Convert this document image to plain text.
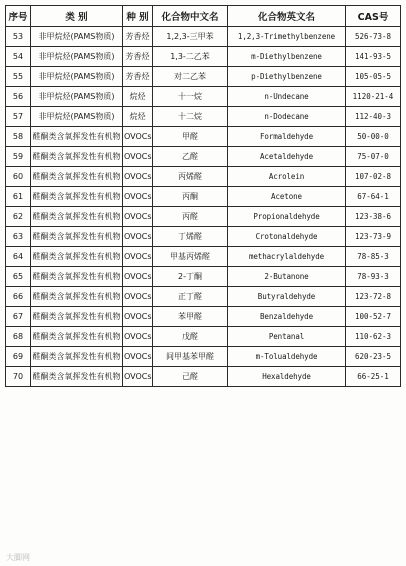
序号	类 别	种 别	化合物中文名	化合物英文名	CAS号
53	非甲烷烃(PAMS物质)	芳香烃	1,2,3-三甲苯	1,2,3-Trimethylbenzene	526-73-8
54	非甲烷烃(PAMS物质)	芳香烃	1,3-二乙苯	m-Diethylbenzene	141-93-5
55	非甲烷烃(PAMS物质)	芳香烃	对二乙苯	p-Diethylbenzene	105-05-5
56	非甲烷烃(PAMS物质)	烷烃	十一烷	n-Undecane	1120-21-4
57	非甲烷烃(PAMS物质)	烷烃	十二烷	n-Dodecane	112-40-3
58	醛酮类含氧挥发性有机物	OVOCs	甲醛	Formaldehyde	50-00-0
59	醛酮类含氧挥发性有机物	OVOCs	乙醛	Acetaldehyde	75-07-0
60	醛酮类含氧挥发性有机物	OVOCs	丙烯醛	Acrolein	107-02-8
61	醛酮类含氧挥发性有机物	OVOCs	丙酮	Acetone	67-64-1
62	醛酮类含氧挥发性有机物	OVOCs	丙醛	Propionaldehyde	123-38-6
63	醛酮类含氧挥发性有机物	OVOCs	丁烯醛	Crotonaldehyde	123-73-9
64	醛酮类含氧挥发性有机物	OVOCs	甲基丙烯醛	methacrylaldehyde	78-85-3
65	醛酮类含氧挥发性有机物	OVOCs	2-丁酮	2-Butanone	78-93-3
66	醛酮类含氧挥发性有机物	OVOCs	正丁醛	Butyraldehyde	123-72-8
67	醛酮类含氧挥发性有机物	OVOCs	苯甲醛	Benzaldehyde	100-52-7
68	醛酮类含氧挥发性有机物	OVOCs	戊醛	Pentanal	110-62-3
69	醛酮类含氧挥发性有机物	OVOCs	间甲基苯甲醛	m-Tolualdehyde	620-23-5
70	醛酮类含氧挥发性有机物	OVOCs	己醛	Hexaldehyde	66-25-1
大脚网
